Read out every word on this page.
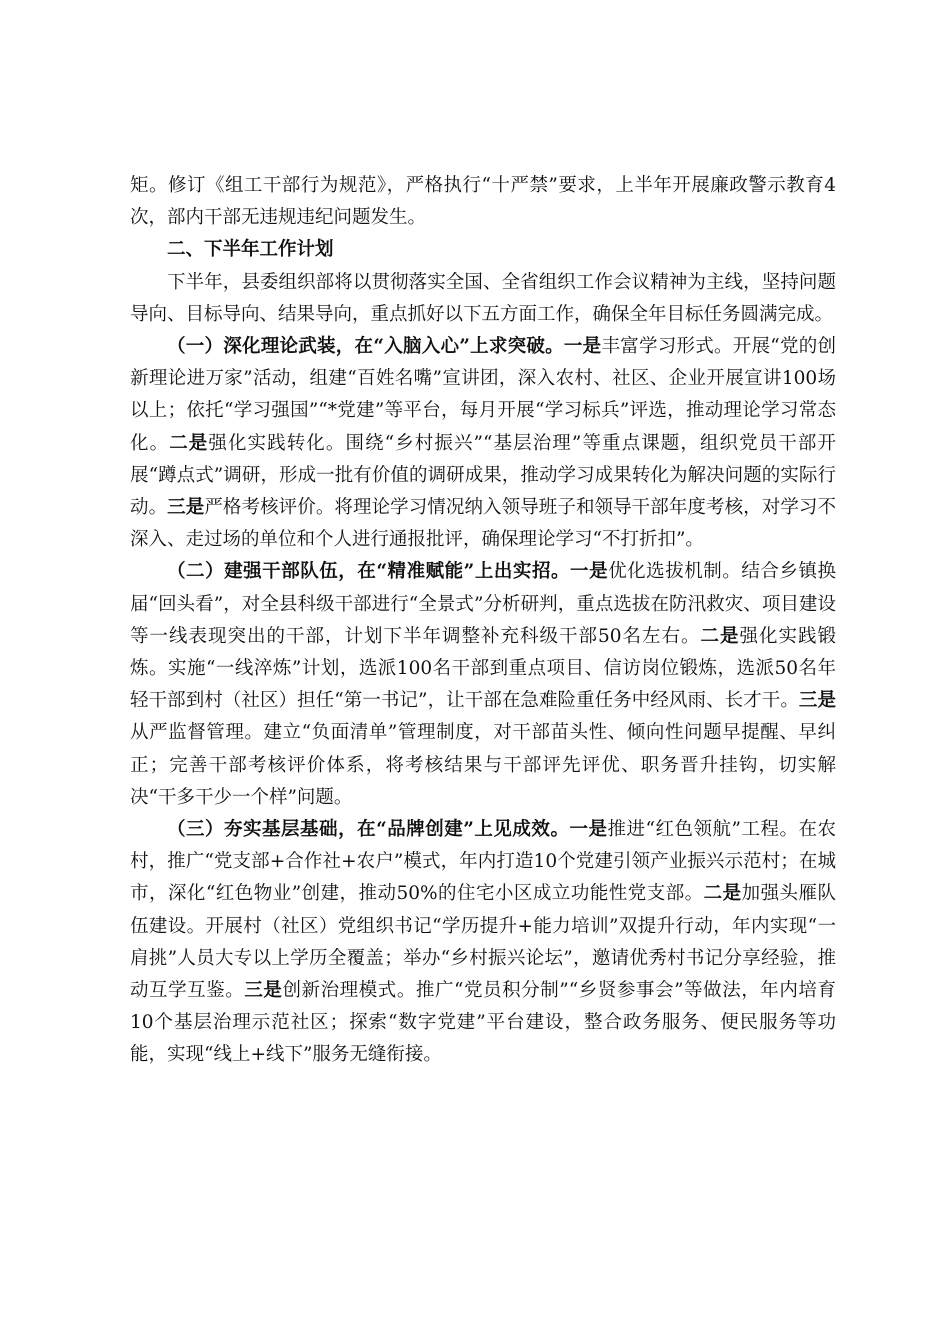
矩。修订《组工干部行为规范》，严格执行“十严禁”要求，上半年开展廉政警示教育4次，部内干部无违规违纪问题发生。

二、下半年工作计划

下半年，县委组织部将以贯彻落实全国、全省组织工作会议精神为主线，坚持问题导向、目标导向、结果导向，重点抓好以下五方面工作，确保全年目标任务圆满完成。

（一）深化理论武装，在“入脑入心”上求突破。一是丰富学习形式。开展“党的创新理论进万家”活动，组建“百姓名嘴”宣讲团，深入农村、社区、企业开展宣讲100场以上；依托“学习强国”“*党建”等平台，每月开展“学习标兵”评选，推动理论学习常态化。二是强化实践转化。围绕“乡村振兴”“基层治理”等重点课题，组织党员干部开展“蹲点式”调研，形成一批有价值的调研成果，推动学习成果转化为解决问题的实际行动。三是严格考核评价。将理论学习情况纳入领导班子和领导干部年度考核，对学习不深入、走过场的单位和个人进行通报批评，确保理论学习“不打折扣”。

（二）建强干部队伍，在“精准赋能”上出实招。一是优化选拔机制。结合乡镇换届“回头看”，对全县科级干部进行“全景式”分析研判，重点选拔在防汛救灾、项目建设等一线表现突出的干部，计划下半年调整补充科级干部50名左右。二是强化实践锻炼。实施“一线淬炼”计划，选派100名干部到重点项目、信访岗位锻炼，选派50名年轻干部到村（社区）担任“第一书记”，让干部在急难险重任务中经风雨、长才干。三是从严监督管理。建立“负面清单”管理制度，对干部苗头性、倾向性问题早提醒、早纠正；完善干部考核评价体系，将考核结果与干部评先评优、职务晋升挂钩，切实解决“干多干少一个样”问题。

（三）夯实基层基础，在“品牌创建”上见成效。一是推进“红色领航”工程。在农村，推广“党支部+合作社+农户”模式，年内打造10个党建引领产业振兴示范村；在城市，深化“红色物业”创建，推动50%的住宅小区成立功能性党支部。二是加强头雁队伍建设。开展村（社区）党组织书记“学历提升+能力培训”双提升行动，年内实现“一肩挑”人员大专以上学历全覆盖；举办“乡村振兴论坛”，邀请优秀村书记分享经验，推动互学互鉴。三是创新治理模式。推广“党员积分制”“乡贤参事会”等做法，年内培育10个基层治理示范社区；探索“数字党建”平台建设，整合政务服务、便民服务等功能，实现“线上+线下”服务无缝衔接。
